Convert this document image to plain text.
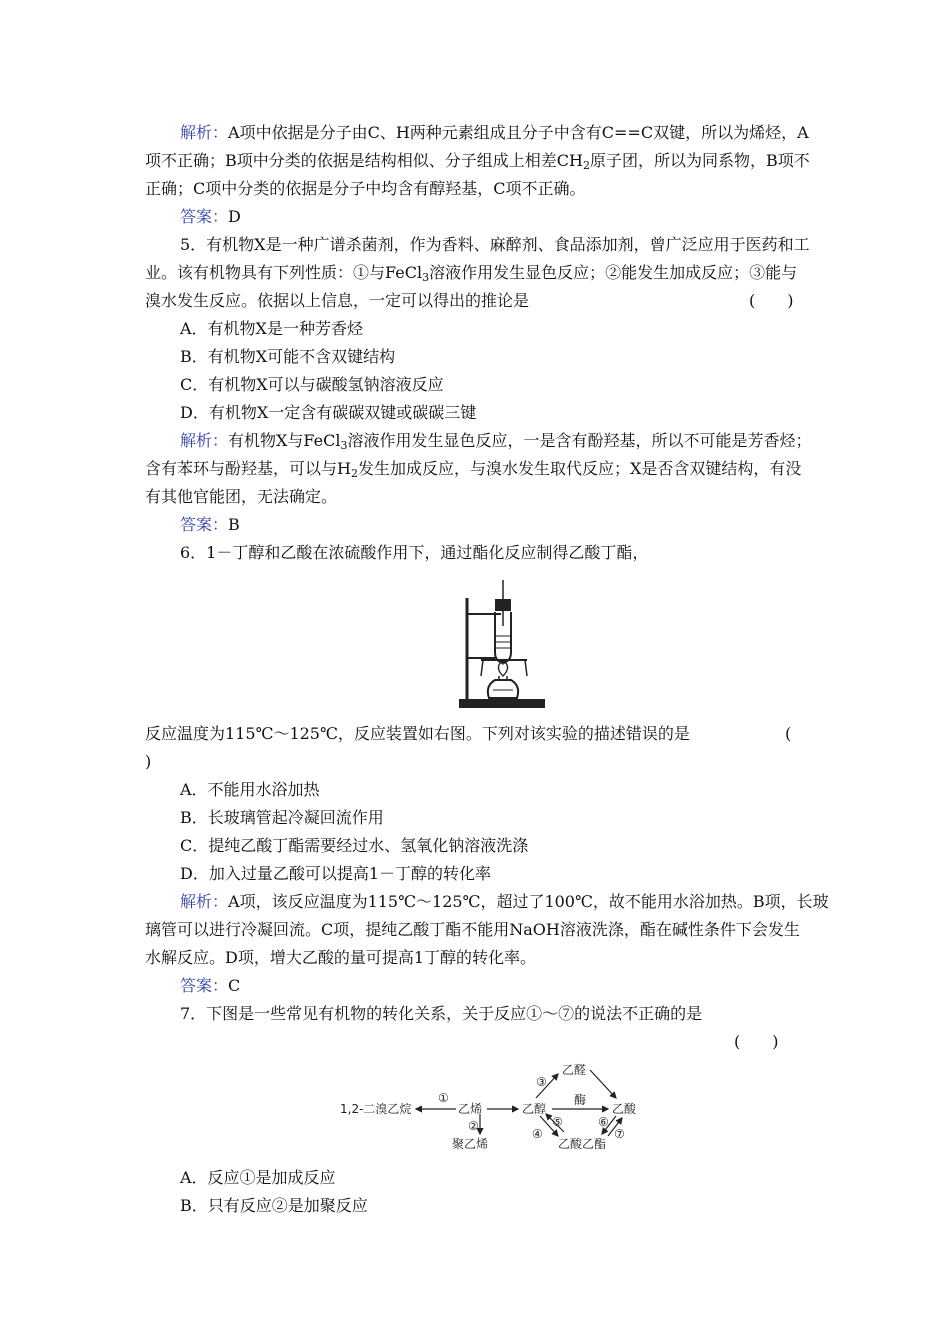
解析：A项中依据是分子由C、H两种元素组成且分子中含有C==C双键，所以为烯烃，A
项不正确；B项中分类的依据是结构相似、分子组成上相差$CH_2$原子团，所以为同系物，B项不
正确；C项中分类的依据是分子中均含有醇羟基，C项不正确。
答案：D
5．有机物X是一种广谱杀菌剂，作为香料、麻醉剂、食品添加剂，曾广泛应用于医药和工
业。该有机物具有下列性质：①与FeCl$_3$溶液作用发生显色反应；②能发生加成反应；③能与
溴水发生反应。依据以上信息，一定可以得出的推论是	(　　)
A．有机物X是一种芳香烃
B．有机物X可能不含双键结构
C．有机物X可以与碳酸氢钠溶液反应
D．有机物X一定含有碳碳双键或碳碳三键
解析：有机物X与FeCl$_3$溶液作用发生显色反应，一是含有酚羟基，所以不可能是芳香烃；
含有苯环与酚羟基，可以与$H_2$发生加成反应，与溴水发生取代反应；X是否含双键结构，有没
有其他官能团，无法确定。
答案：B
6．1－丁醇和乙酸在浓硫酸作用下，通过酯化反应制得乙酸丁酯，
反应温度为115℃～125℃，反应装置如右图。下列对该实验的描述错误的是	(
)
A．不能用水浴加热
B．长玻璃管起冷凝回流作用
C．提纯乙酸丁酯需要经过水、氢氧化钠溶液洗涤
D．加入过量乙酸可以提高1－丁醇的转化率
解析：A项，该反应温度为115℃～125℃，超过了100℃，故不能用水浴加热。B项，长玻
璃管可以进行冷凝回流。C项，提纯乙酸丁酯不能用NaOH溶液洗涤，酯在碱性条件下会发生
水解反应。D项，增大乙酸的量可提高1丁醇的转化率。
答案：C
7．下图是一些常见有机物的转化关系，关于反应①～⑦的说法不正确的是
(　　)
1,2-二溴乙烷	乙烯	乙醇
乙醛
乙酸
乙酸乙酯
聚乙烯
酶
①
②
③
④
⑤	⑥
⑦
A．反应①是加成反应
B．只有反应②是加聚反应
